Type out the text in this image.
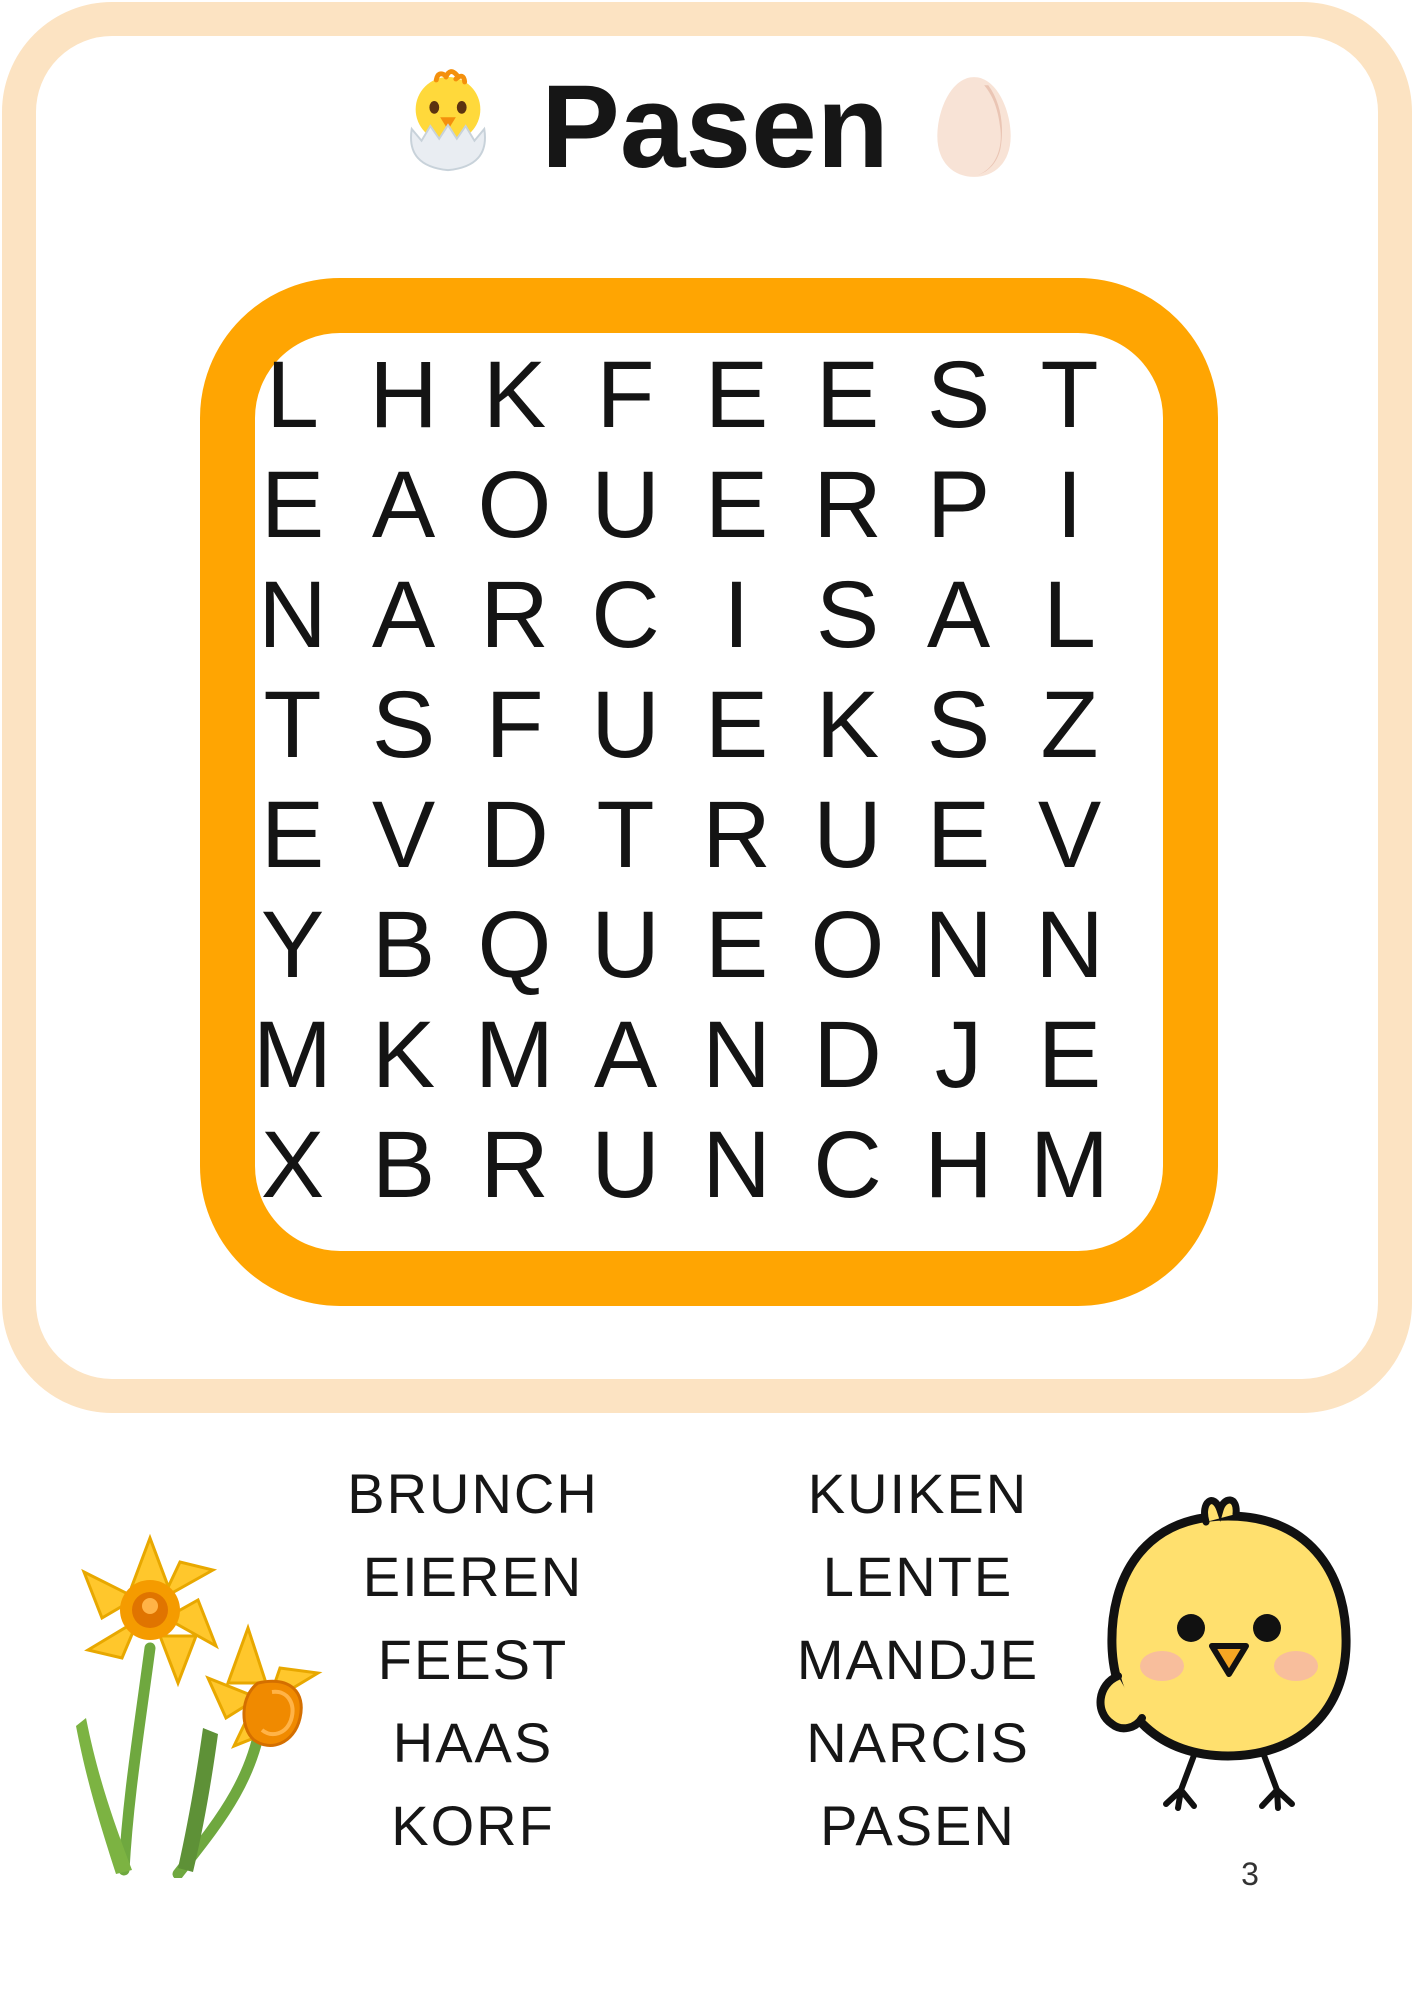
Pasen
L H K F E E S T
E A O U E R P I
N A R C I S A L
T S F U E K S Z
E V D T R U E V
Y B Q U E O N N
M K M A N D J E
X B R U N C H M
BRUNCH
EIEREN
FEEST
HAAS
KORF
KUIKEN
LENTE
MANDJE
NARCIS
PASEN
3
